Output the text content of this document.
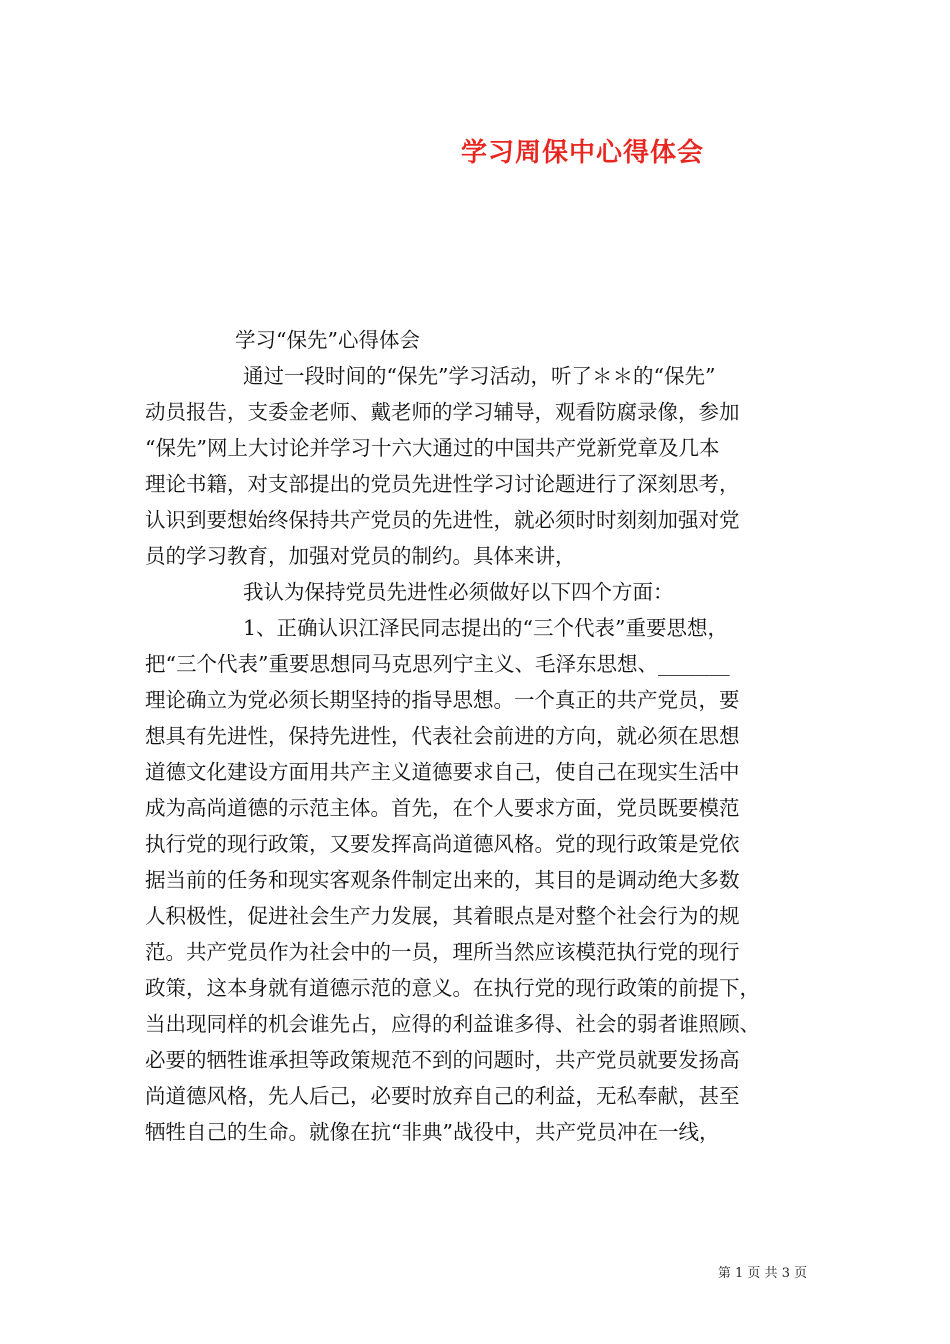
学习周保中心得体会
学习“保先”心得体会
通过一段时间的“保先”学习活动，听了＊＊的“保先”
动员报告，支委金老师、戴老师的学习辅导，观看防腐录像，参加
“保先”网上大讨论并学习十六大通过的中国共产党新党章及几本
理论书籍，对支部提出的党员先进性学习讨论题进行了深刻思考，
认识到要想始终保持共产党员的先进性，就必须时时刻刻加强对党
员的学习教育，加强对党员的制约。具体来讲，
我认为保持党员先进性必须做好以下四个方面：
1、正确认识江泽民同志提出的“三个代表”重要思想，
把“三个代表”重要思想同马克思列宁主义、毛泽东思想、_______
理论确立为党必须长期坚持的指导思想。一个真正的共产党员，要
想具有先进性，保持先进性，代表社会前进的方向，就必须在思想
道德文化建设方面用共产主义道德要求自己，使自己在现实生活中
成为高尚道德的示范主体。首先，在个人要求方面，党员既要模范
执行党的现行政策，又要发挥高尚道德风格。党的现行政策是党依
据当前的任务和现实客观条件制定出来的，其目的是调动绝大多数
人积极性，促进社会生产力发展，其着眼点是对整个社会行为的规
范。共产党员作为社会中的一员，理所当然应该模范执行党的现行
政策，这本身就有道德示范的意义。在执行党的现行政策的前提下，
当出现同样的机会谁先占，应得的利益谁多得、社会的弱者谁照顾、
必要的牺牲谁承担等政策规范不到的问题时，共产党员就要发扬高
尚道德风格，先人后己，必要时放弃自己的利益，无私奉献，甚至
牺牲自己的生命。就像在抗“非典”战役中，共产党员冲在一线，
第 1 页 共 3 页
